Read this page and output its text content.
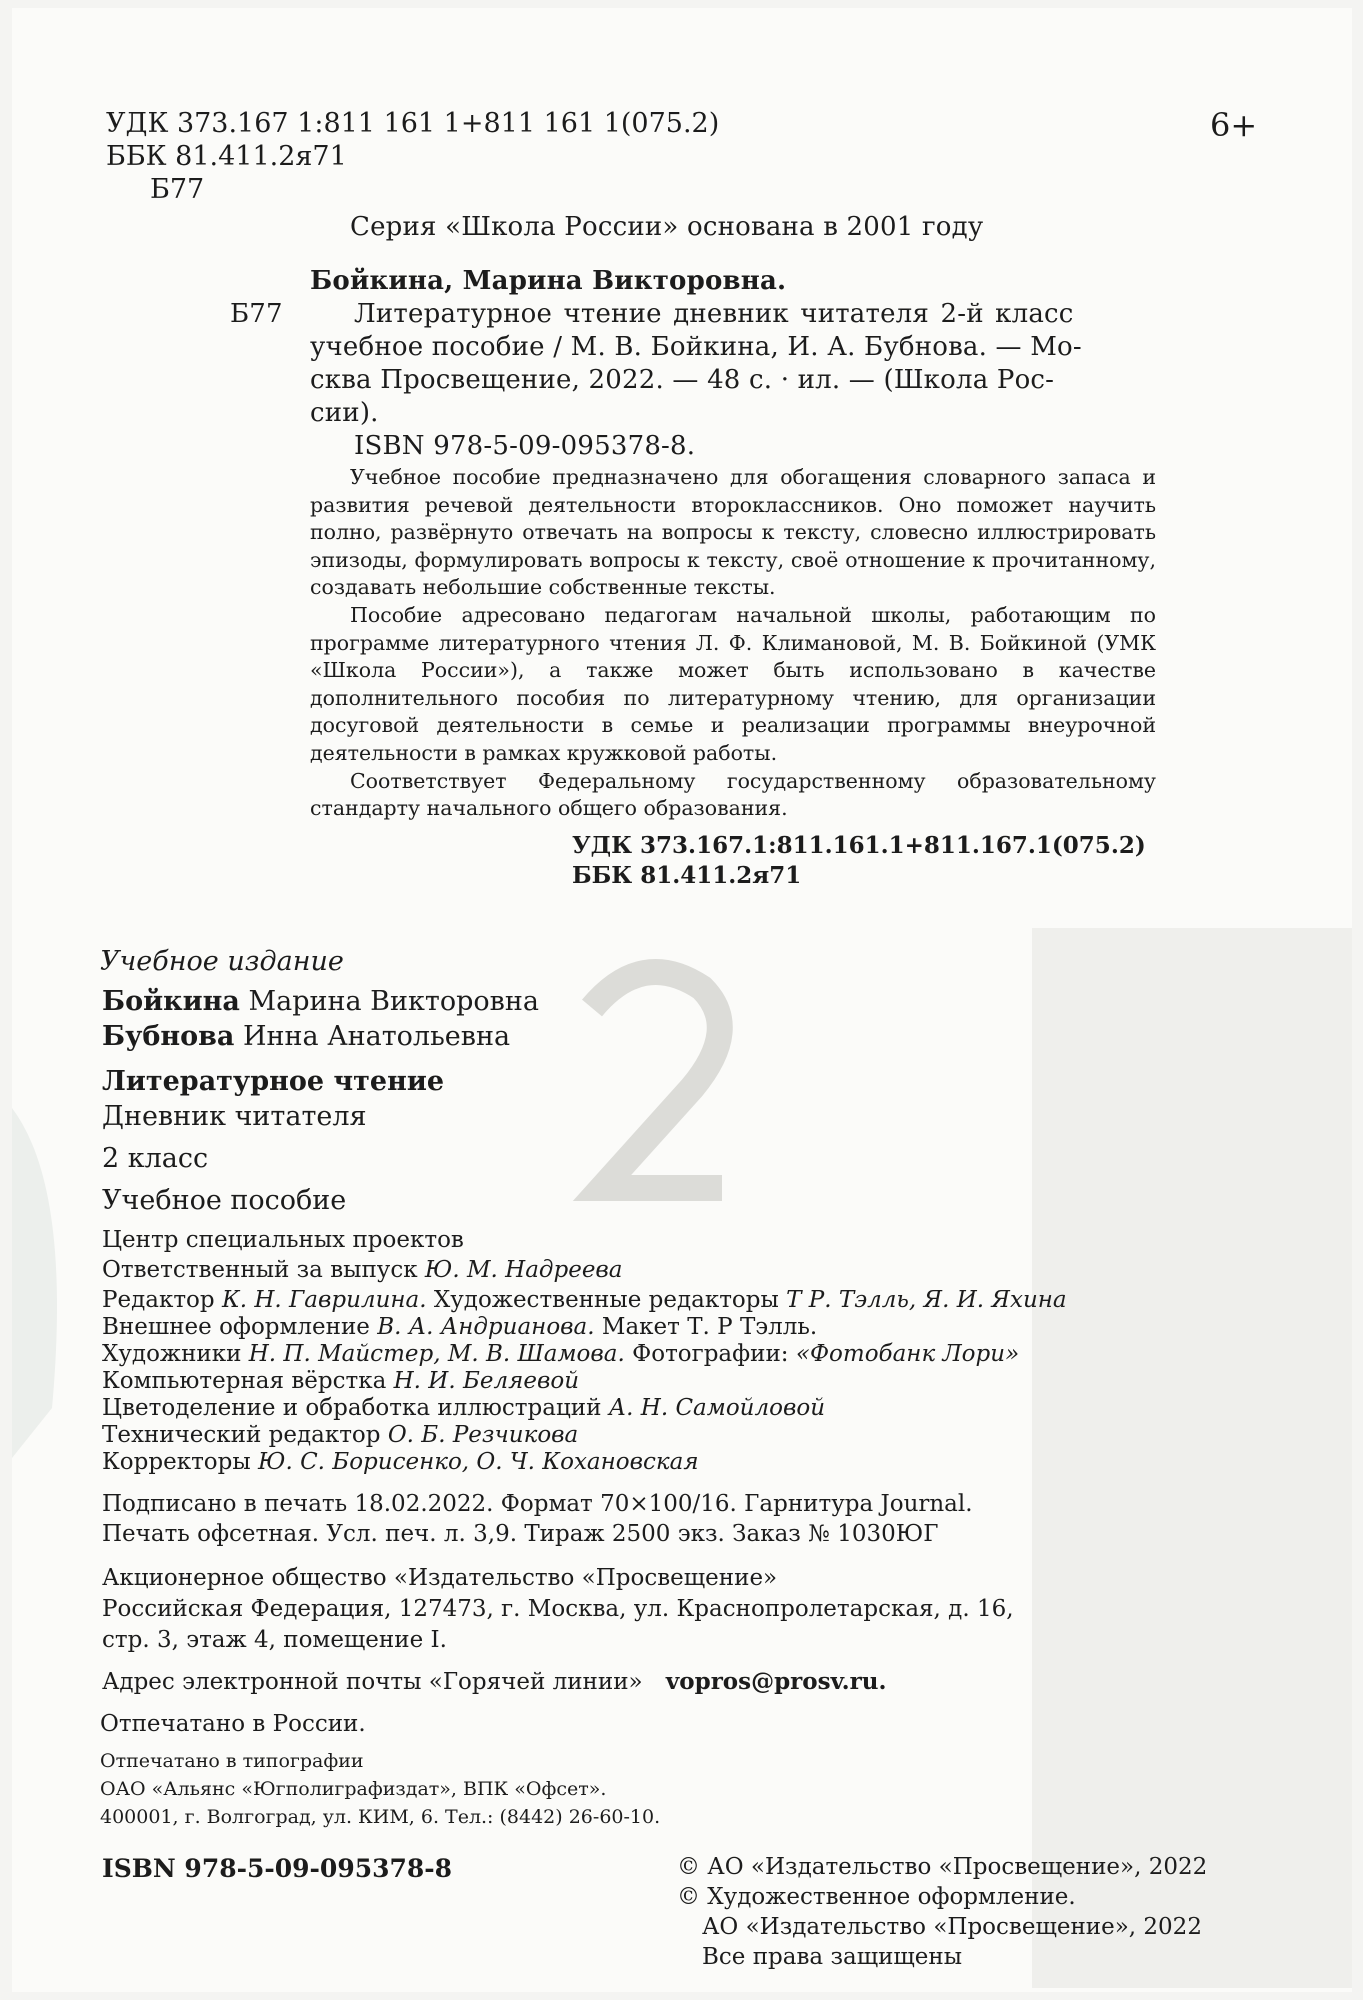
УДК 373.167 1:811 161 1+811 161 1(075.2)
ББК 81.411.2я71
Б77
6+
Серия «Школа России» основана в 2001 году
Бойкина, Марина Викторовна.
Б77	Литературное чтение дневник читателя 2-й класс
учебное пособие / М. В. Бойкина, И. А. Бубнова. — Мо-
сква Просвещение, 2022. — 48 с. · ил. — (Школа Рос-
сии).
ISBN 978-5-09-095378-8.

Учебное пособие предназначено для обогащения словарного запаса и развития речевой деятельности второклассников. Оно поможет научить полно, развёрнуто отвечать на вопросы к тексту, словесно иллюстрировать эпизоды, формулировать вопросы к тексту, своё отношение к прочитанному, создавать небольшие собственные тексты.

Пособие адресовано педагогам начальной школы, работающим по программе литературного чтения Л. Ф. Климановой, М. В. Бойкиной (УМК «Школа России»), а также может быть использовано в качестве дополнительного пособия по литературному чтению, для организации досуговой деятельности в семье и реализации программы внеурочной деятельности в рамках кружковой работы.

Соответствует Федеральному государственному образовательному стандарту начального общего образования.

УДК 373.167.1:811.161.1+811.167.1(075.2)
ББК 81.411.2я71
Учебное издание
Бойкина Марина Викторовна
Бубнова Инна Анатольевна
Литературное чтение
Дневник читателя
2 класс
Учебное пособие
Центр специальных проектов
Ответственный за выпуск Ю. М. Надреева
Редактор К. Н. Гаврилина. Художественные редакторы Т Р. Тэлль, Я. И. Яхина
Внешнее оформление В. А. Андрианова. Макет Т. Р Тэлль.
Художники Н. П. Майстер, М. В. Шамова. Фотографии: «Фотобанк Лори»
Компьютерная вёрстка Н. И. Беляевой
Цветоделение и обработка иллюстраций А. Н. Самойловой
Технический редактор О. Б. Резчикова
Корректоры Ю. С. Борисенко, О. Ч. Кохановская
Подписано в печать 18.02.2022. Формат 70×100/16. Гарнитура Journal.
Печать офсетная. Усл. печ. л. 3,9. Тираж 2500 экз. Заказ № 1030ЮГ
Акционерное общество «Издательство «Просвещение»
Российская Федерация, 127473, г. Москва, ул. Краснопролетарская, д. 16,
стр. 3, этаж 4, помещение I.
Адрес электронной почты «Горячей линии» vopros@prosv.ru.
Отпечатано в России.
Отпечатано в типографии
ОАО «Альянс «Югполиграфиздат», ВПК «Офсет».
400001, г. Волгоград, ул. КИМ, 6. Тел.: (8442) 26-60-10.
ISBN 978-5-09-095378-8	© АО «Издательство «Просвещение», 2022
© Художественное оформление.
АО «Издательство «Просвещение», 2022
Все права защищены
